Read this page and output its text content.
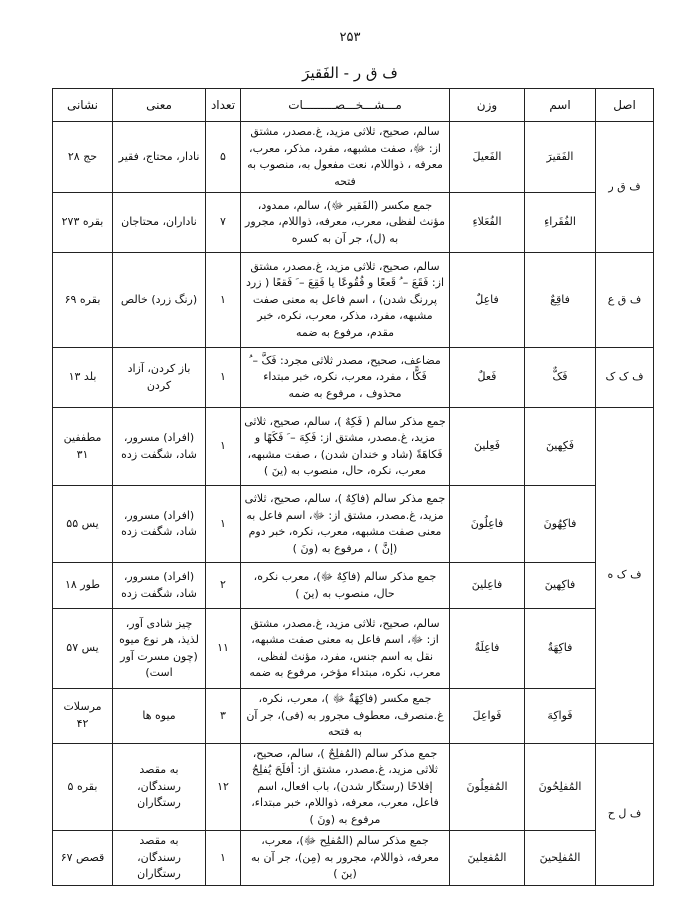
۲۵۳
ف ق ر - الفَقیرَ
اصل	اسم	وزن	مـــشـــخـــصـــــــــات	تعداد	معنی	نشانی
ف ق ر	الفَقیرَ	الفَعیلَ	سالم، صحیح، ثلاثی مزید، غ.مصدر، مشتق از: ﷻ، صفت مشبهه، مفرد، مذکر، معرب، معرفه ، ذواللام، نعت مفعول به، منصوب به فتحه	۵	نادار، محتاج، فقیر	حج ۲۸
	الفُقَراءِ	الفُعَلاءِ	جمع مکسر (الفَقیر ﷻ)، سالم، ممدود، مؤنث لفظی، معرب، معرفه، ذواللام، مجرور به (ل)، جر آن به کسره	۷	ناداران، محتاجان	بقره ۲۷۳
ف ق ع	فاقِعٌ	فاعِلٌ	سالم، صحیح، ثلاثی مزید، غ.مصدر، مشتق از: فَقَعَ – ُ قَععًا و فُقُوعًا یا فَقِعَ – َ فَقعًا ( زرد پررنگ شدن) ، اسم فاعل به معنی صفت مشبهه، مفرد، مذکر، معرب، نکره، خبر مقدم، مرفوع به ضمه	۱	(رنگ زرد) خالص	بقره ۶۹
ف ک ک	فَکٌّ	فَعلٌ	مضاعف، صحیح، مصدر ثلاثی مجرد: فَکَّ – ُ فَکًّا ، مفرد، معرب، نکره، خبر مبتداء محذوف ، مرفوع به ضمه	۱	باز کردن، آزاد کردن	بلد ۱۳
ف ک ه	فَکِهینَ	فَعِلینَ	جمع مذکر سالم ( فَکِهٌ )، سالم، صحیح، ثلاثی مزید، غ.مصدر، مشتق از: فَکِهَ – َ فَکَهًا و فَکاهَةً (شاد و خندان شدن) ، صفت مشبهه، معرب، نکره، حال، منصوب به (ینَ )	۱	(افراد) مسرور، شاد، شگفت زده	مطففین ۳۱
	فاکِهُونَ	فاعِلُونَ	جمع مذکر سالم (فاکِهٌ )، سالم، صحیح، ثلاثی مزید، غ.مصدر، مشتق از: ﷻ، اسم فاعل به معنی صفت مشبهه، معرب، نکره، خبر دوم (إنَّ ) ، مرفوع به (ونَ )	۱	(افراد) مسرور، شاد، شگفت زده	یس ۵۵
	فاکِهینَ	فاعِلینَ	جمع مذکر سالم (فاکِهٌ ﷻ)، معرب نکره، حال، منصوب به (ینَ )	۲	(افراد) مسرور، شاد، شگفت زده	طور ۱۸
	فاکِهَةٌ	فاعِلَةٌ	سالم، صحیح، ثلاثی مزید، غ.مصدر، مشتق از: ﷻ، اسم فاعل به معنی صفت مشبهه، نقل به اسم جنس، مفرد، مؤنث لفظی، معرب، نکره، مبتداء مؤخر، مرفوع به ضمه	۱۱	چیز شادی آور، لذیذ، هر نوع میوه (چون مسرت آور است)	یس ۵۷
	فَواکِهَ	فَواعِلَ	جمع مکسر (فاکِهَةٌ ﷻ )، معرب، نکره، غ.منصرف، معطوف مجرور به (فی)، جر آن به فتحه	۳	میوه ها	مرسلات ۴۲
ف ل ح	المُفلِحُونَ	المُفعِلُونَ	جمع مذکر سالم (المُفلِحٌ )، سالم، صحیح، ثلاثی مزید، غ.مصدر، مشتق از: أفلَحَ یُفلِحُ إفلاحًا (رستگار شدن)، باب افعال، اسم فاعل، معرب، معرفه، ذواللام، خبر مبتداء، مرفوع به (ونَ )	۱۲	به مقصد رسندگان، رستگاران	بقره ۵
	المُفلِحینَ	المُفعِلینَ	جمع مذکر سالم (المُفلِح ﷻ)، معرب، معرفه، ذواللام، مجرور به (مِن)، جر آن به (ینَ )	۱	به مقصد رسندگان، رستگاران	قصص ۶۷
